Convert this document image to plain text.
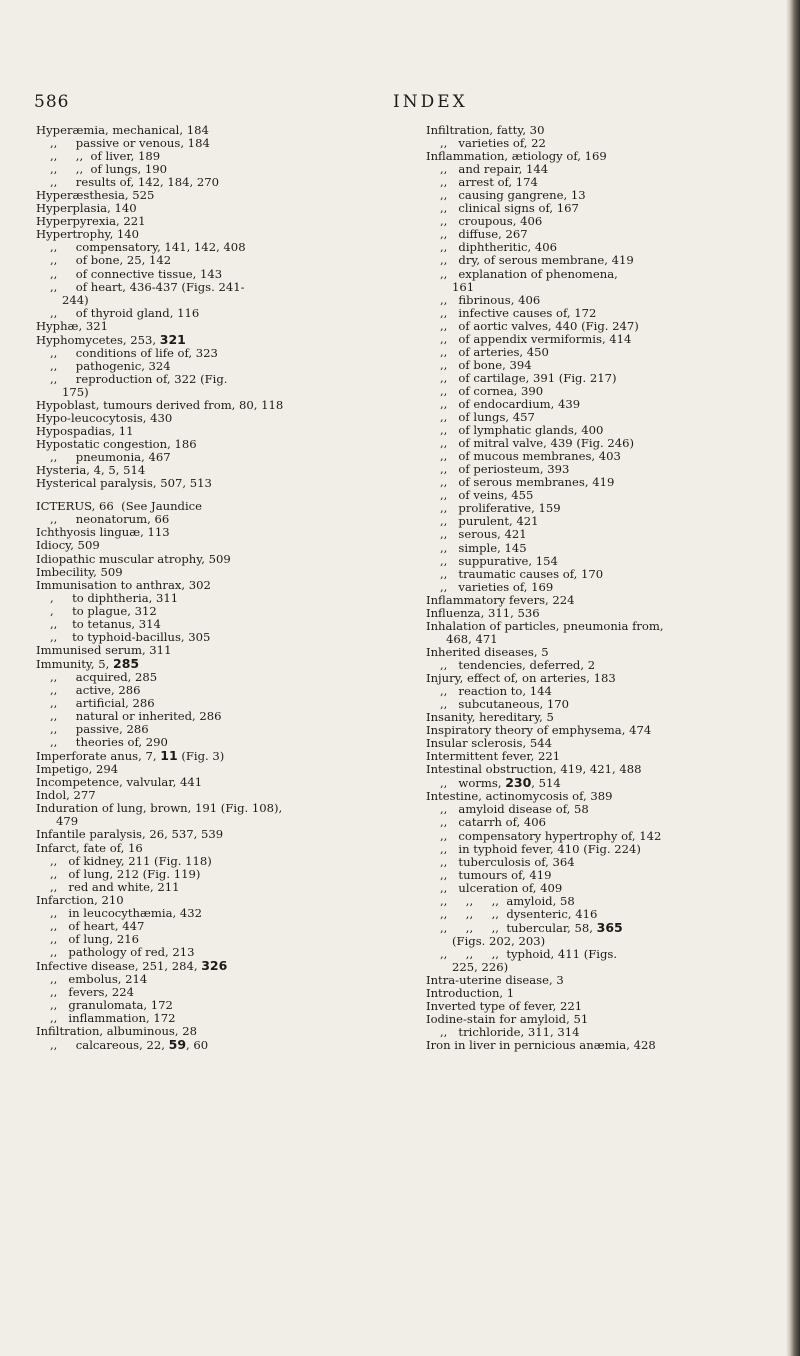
586	INDEX
Hyperæmia, mechanical, 184
,,     passive or venous, 184
,,     ,,  of liver, 189
,,     ,,  of lungs, 190
,,     results of, 142, 184, 270
Hyperæsthesia, 525
Hyperplasia, 140
Hyperpyrexia, 221
Hypertrophy, 140
,,     compensatory, 141, 142, 408
,,     of bone, 25, 142
,,     of connective tissue, 143
,,     of heart, 436-437 (Figs. 241-
244)
,,     of thyroid gland, 116
Hyphæ, 321
Hyphomycetes, 253, 321
,,     conditions of life of, 323
,,     pathogenic, 324
,,     reproduction of, 322 (Fig.
175)
Hypoblast, tumours derived from, 80, 118
Hypo-leucocytosis, 430
Hypospadias, 11
Hypostatic congestion, 186
,,     pneumonia, 467
Hysteria, 4, 5, 514
Hysterical paralysis, 507, 513
ICTERUS, 66  (See Jaundice
,,     neonatorum, 66
Ichthyosis linguæ, 113
Idiocy, 509
Idiopathic muscular atrophy, 509
Imbecility, 509
Immunisation to anthrax, 302
,     to diphtheria, 311
,     to plague, 312
,,    to tetanus, 314
,,    to typhoid-bacillus, 305
Immunised serum, 311
Immunity, 5, 285
,,     acquired, 285
,,     active, 286
,,     artificial, 286
,,     natural or inherited, 286
,,     passive, 286
,,     theories of, 290
Imperforate anus, 7, 11 (Fig. 3)
Impetigo, 294
Incompetence, valvular, 441
Indol, 277
Induration of lung, brown, 191 (Fig. 108),
479
Infantile paralysis, 26, 537, 539
Infarct, fate of, 16
,,   of kidney, 211 (Fig. 118)
,,   of lung, 212 (Fig. 119)
,,   red and white, 211
Infarction, 210
,,   in leucocythæmia, 432
,,   of heart, 447
,,   of lung, 216
,,   pathology of red, 213
Infective disease, 251, 284, 326
,,   embolus, 214
,,   fevers, 224
,,   granulomata, 172
,,   inflammation, 172
Infiltration, albuminous, 28
,,     calcareous, 22, 59, 60
Infiltration, fatty, 30
,,   varieties of, 22
Inflammation, ætiology of, 169
,,   and repair, 144
,,   arrest of, 174
,,   causing gangrene, 13
,,   clinical signs of, 167
,,   croupous, 406
,,   diffuse, 267
,,   diphtheritic, 406
,,   dry, of serous membrane, 419
,,   explanation of phenomena,
161
,,   fibrinous, 406
,,   infective causes of, 172
,,   of aortic valves, 440 (Fig. 247)
,,   of appendix vermiformis, 414
,,   of arteries, 450
,,   of bone, 394
,,   of cartilage, 391 (Fig. 217)
,,   of cornea, 390
,,   of endocardium, 439
,,   of lungs, 457
,,   of lymphatic glands, 400
,,   of mitral valve, 439 (Fig. 246)
,,   of mucous membranes, 403
,,   of periosteum, 393
,,   of serous membranes, 419
,,   of veins, 455
,,   proliferative, 159
,,   purulent, 421
,,   serous, 421
,,   simple, 145
,,   suppurative, 154
,,   traumatic causes of, 170
,,   varieties of, 169
Inflammatory fevers, 224
Influenza, 311, 536
Inhalation of particles, pneumonia from,
468, 471
Inherited diseases, 5
,,   tendencies, deferred, 2
Injury, effect of, on arteries, 183
,,   reaction to, 144
,,   subcutaneous, 170
Insanity, hereditary, 5
Inspiratory theory of emphysema, 474
Insular sclerosis, 544
Intermittent fever, 221
Intestinal obstruction, 419, 421, 488
,,   worms, 230, 514
Intestine, actinomycosis of, 389
,,   amyloid disease of, 58
,,   catarrh of, 406
,,   compensatory hypertrophy of, 142
,,   in typhoid fever, 410 (Fig. 224)
,,   tuberculosis of, 364
,,   tumours of, 419
,,   ulceration of, 409
,,     ,,     ,,  amyloid, 58
,,     ,,     ,,  dysenteric, 416
,,     ,,     ,,  tubercular, 58, 365
(Figs. 202, 203)
,,     ,,     ,,  typhoid, 411 (Figs.
225, 226)
Intra-uterine disease, 3
Introduction, 1
Inverted type of fever, 221
Iodine-stain for amyloid, 51
,,   trichloride, 311, 314
Iron in liver in pernicious anæmia, 428
